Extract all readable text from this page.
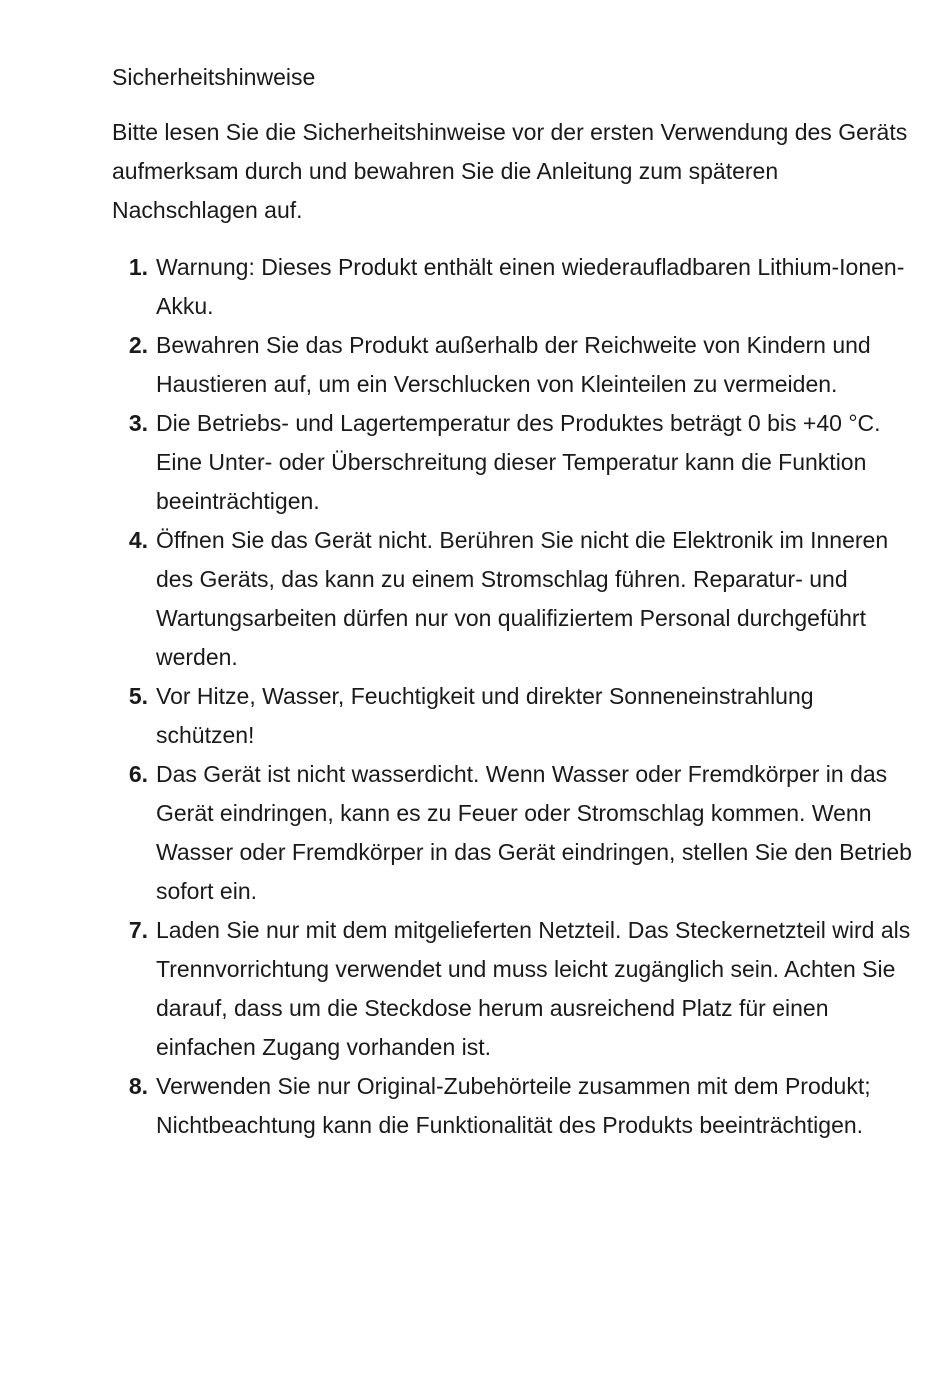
Sicherheitshinweise
Bitte lesen Sie die Sicherheitshinweise vor der ersten Verwendung des Geräts aufmerksam durch und bewahren Sie die Anleitung zum späteren Nachschlagen auf.
1. Warnung: Dieses Produkt enthält einen wiederaufladbaren Lithium-Ionen-Akku.
2. Bewahren Sie das Produkt außerhalb der Reichweite von Kindern und Haustieren auf, um ein Verschlucken von Kleinteilen zu vermeiden.
3. Die Betriebs- und Lagertemperatur des Produktes beträgt 0 bis +40 °C. Eine Unter- oder Überschreitung dieser Temperatur kann die Funktion beeinträchtigen.
4. Öffnen Sie das Gerät nicht. Berühren Sie nicht die Elektronik im Inneren des Geräts, das kann zu einem Stromschlag führen. Reparatur- und Wartungsarbeiten dürfen nur von qualifiziertem Personal durchgeführt werden.
5. Vor Hitze, Wasser, Feuchtigkeit und direkter Sonneneinstrahlung schützen!
6. Das Gerät ist nicht wasserdicht. Wenn Wasser oder Fremdkörper in das Gerät eindringen, kann es zu Feuer oder Stromschlag kommen. Wenn Wasser oder Fremdkörper in das Gerät eindringen, stellen Sie den Betrieb sofort ein.
7. Laden Sie nur mit dem mitgelieferten Netzteil. Das Steckernetzteil wird als Trennvorrichtung verwendet und muss leicht zugänglich sein. Achten Sie darauf, dass um die Steckdose herum ausreichend Platz für einen einfachen Zugang vorhanden ist.
8. Verwenden Sie nur Original-Zubehörteile zusammen mit dem Produkt; Nichtbeachtung kann die Funktionalität des Produkts beeinträchtigen.
